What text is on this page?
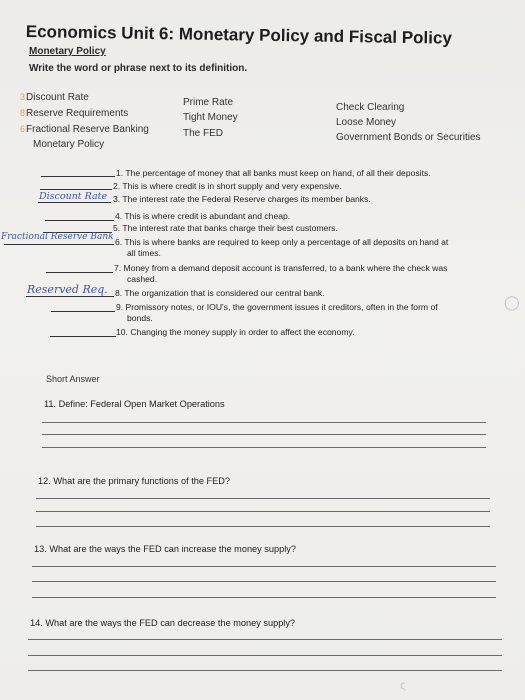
Economics Unit 6: Monetary Policy and Fiscal Policy
Monetary Policy
Write the word or phrase next to its definition.
3Discount Rate
8Reserve Requirements
6Fractional Reserve Banking
Monetary Policy
Prime Rate
Tight Money
The FED
Check Clearing
Loose Money
Government Bonds or Securities
1. The percentage of money that all banks must keep on hand, of all their deposits.
2. This is where credit is in short supply and very expensive.
Discount Rate 3. The interest rate the Federal Reserve charges its member banks.
4. This is where credit is abundant and cheap.
5. The interest rate that banks charge their best customers.
Fractional Reserve Bank 6. This is where banks are required to keep only a percentage of all deposits on hand at
all times.
7. Money from a demand deposit account is transferred, to a bank where the check was
cashed.
Reserved Req. 8. The organization that is considered our central bank.
9. Promissory notes, or IOU's, the government issues it creditors, often in the form of
bonds.
10. Changing the money supply in order to affect the economy.
◯
ς
Short Answer
11. Define: Federal Open Market Operations
12. What are the primary functions of the FED?
13. What are the ways the FED can increase the money supply?
14. What are the ways the FED can decrease the money supply?
